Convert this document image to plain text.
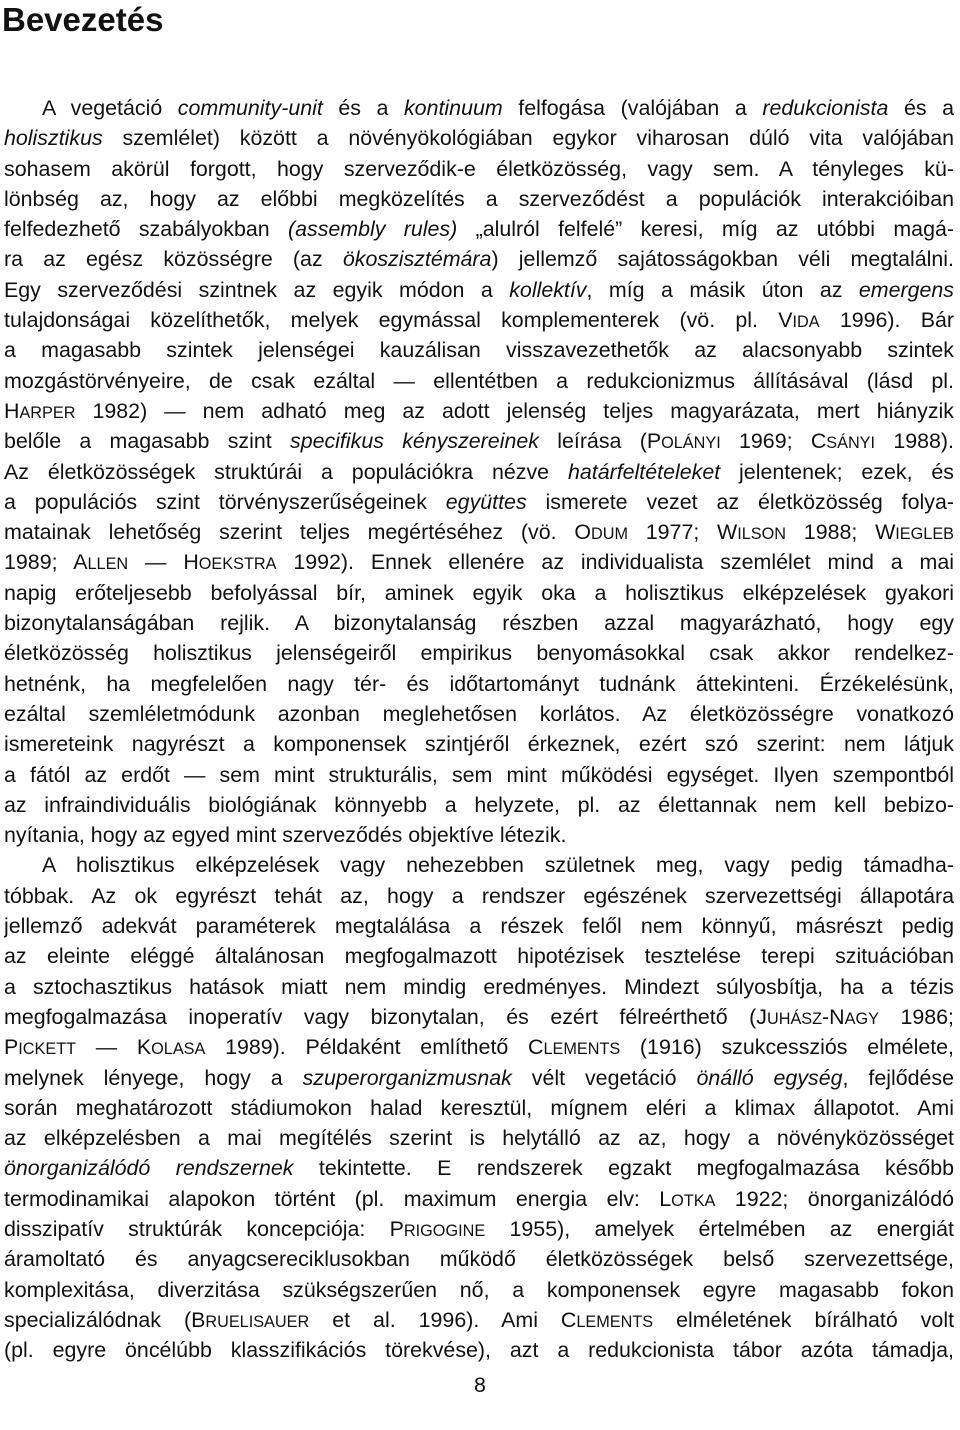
Bevezetés
A vegetáció community-unit és a kontinuum felfogása (valójában a redukcionista és a
holisztikus szemlélet) között a növényökológiában egykor viharosan dúló vita valójában
sohasem akörül forgott, hogy szerveződik-e életközösség, vagy sem. A tényleges kü-
lönbség az, hogy az előbbi megközelítés a szerveződést a populációk interakcióiban
felfedezhető szabályokban (assembly rules) „alulról felfelé” keresi, míg az utóbbi magá-
ra az egész közösségre (az ökoszisztémára) jellemző sajátosságokban véli megtalálni.
Egy szerveződési szintnek az egyik módon a kollektív, míg a másik úton az emergens
tulajdonságai közelíthetők, melyek egymással komplementerek (vö. pl. VIDA 1996). Bár
a magasabb szintek jelenségei kauzálisan visszavezethetők az alacsonyabb szintek
mozgástörvényeire, de csak ezáltal — ellentétben a redukcionizmus állításával (lásd pl.
HARPER 1982) — nem adható meg az adott jelenség teljes magyarázata, mert hiányzik
belőle a magasabb szint specifikus kényszereinek leírása (POLÁNYI 1969; CSÁNYI 1988).
Az életközösségek struktúrái a populációkra nézve határfeltételeket jelentenek; ezek, és
a populációs szint törvényszerűségeinek együttes ismerete vezet az életközösség folya-
matainak lehetőség szerint teljes megértéséhez (vö. ODUM 1977; WILSON 1988; WIEGLEB
1989; ALLEN — HOEKSTRA 1992). Ennek ellenére az individualista szemlélet mind a mai
napig erőteljesebb befolyással bír, aminek egyik oka a holisztikus elképzelések gyakori
bizonytalanságában rejlik. A bizonytalanság részben azzal magyarázható, hogy egy
életközösség holisztikus jelenségeiről empirikus benyomásokkal csak akkor rendelkez-
hetnénk, ha megfelelően nagy tér- és időtartományt tudnánk áttekinteni. Érzékelésünk,
ezáltal szemléletmódunk azonban meglehetősen korlátos. Az életközösségre vonatkozó
ismereteink nagyrészt a komponensek szintjéről érkeznek, ezért szó szerint: nem látjuk
a fától az erdőt — sem mint strukturális, sem mint működési egységet. Ilyen szempontból
az infraindividuális biológiának könnyebb a helyzete, pl. az élettannak nem kell bebizo-
nyítania, hogy az egyed mint szerveződés objektíve létezik.
A holisztikus elképzelések vagy nehezebben születnek meg, vagy pedig támadha-
tóbbak. Az ok egyrészt tehát az, hogy a rendszer egészének szervezettségi állapotára
jellemző adekvát paraméterek megtalálása a részek felől nem könnyű, másrészt pedig
az eleinte eléggé általánosan megfogalmazott hipotézisek tesztelése terepi szituációban
a sztochasztikus hatások miatt nem mindig eredményes. Mindezt súlyosbítja, ha a tézis
megfogalmazása inoperatív vagy bizonytalan, és ezért félreérthető (JUHÁSZ-NAGY 1986;
PICKETT — KOLASA 1989). Példaként említhető CLEMENTS (1916) szukcessziós elmélete,
melynek lényege, hogy a szuperorganizmusnak vélt vegetáció önálló egység, fejlődése
során meghatározott stádiumokon halad keresztül, mígnem eléri a klimax állapotot. Ami
az elképzelésben a mai megítélés szerint is helytálló az az, hogy a növényközösséget
önorganizálódó rendszernek tekintette. E rendszerek egzakt megfogalmazása később
termodinamikai alapokon történt (pl. maximum energia elv: LOTKA 1922; önorganizálódó
disszipatív struktúrák koncepciója: PRIGOGINE 1955), amelyek értelmében az energiát
áramoltató és anyagcsereciklusokban működő életközösségek belső szervezettsége,
komplexitása, diverzitása szükségszerűen nő, a komponensek egyre magasabb fokon
specializálódnak (BRUELISAUER et al. 1996). Ami CLEMENTS elméletének bírálható volt
(pl. egyre öncélúbb klasszifikációs törekvése), azt a redukcionista tábor azóta támadja,
8
